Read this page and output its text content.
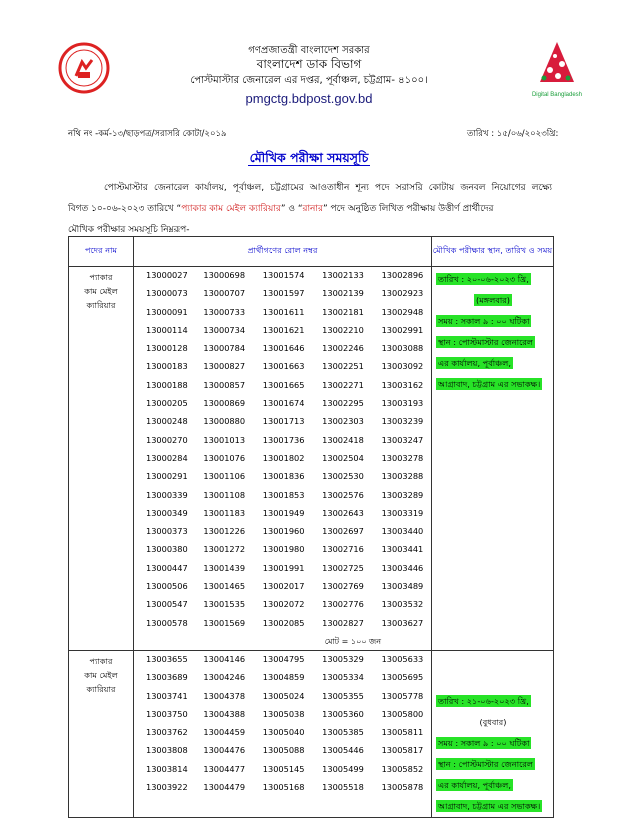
Digital Bangladesh
গণপ্রজাতন্ত্রী বাংলাদেশ সরকার
বাংলাদেশ ডাক বিভাগ
পোস্টমাস্টার জেনারেল এর দপ্তর, পূর্বাঞ্চল, চট্টগ্রাম- ৪১০০।
pmgctg.bdpost.gov.bd
নথি নং -কর্ম-১৩/ছাড়পত্র/সরাসরি কোটা/২০১৯	তারিখ : ১৫/০৬/২০২৩খ্রি:
মৌখিক পরীক্ষা সময়সূচি
পোস্টমাস্টার জেনারেল কার্যালয়, পূর্বাঞ্চল, চট্টগ্রামের আওতাধীন শূন্য পদে সরাসরি কোটায় জনবল নিয়োগের লক্ষ্যে
বিগত ১০-০৬-২০২৩ তারিখে “প্যাকার কাম মেইল ক্যারিয়ার” ও “রানার” পদে অনুষ্ঠিত লিখিত পরীক্ষায় উত্তীর্ণ প্রার্থীদের
মৌখিক পরীক্ষার সময়সূচি নিম্নরূপ-
পদের নাম	প্রার্থীগণের রোল নম্বর	মৌখিক পরীক্ষার স্থান, তারিখ ও সময়

প্যাকার
কাম মেইল
ক্যারিয়ার

13000027	13000698	13001574	13002133	13002896
13000073	13000707	13001597	13002139	13002923
13000091	13000733	13001611	13002181	13002948
13000114	13000734	13001621	13002210	13002991
13000128	13000784	13001646	13002246	13003088
13000183	13000827	13001663	13002251	13003092
13000188	13000857	13001665	13002271	13003162
13000205	13000869	13001674	13002295	13003193
13000248	13000880	13001713	13002303	13003239
13000270	13001013	13001736	13002418	13003247
13000284	13001076	13001802	13002504	13003278
13000291	13001106	13001836	13002530	13003288
13000339	13001108	13001853	13002576	13003289
13000349	13001183	13001949	13002643	13003319
13000373	13001226	13001960	13002697	13003440
13000380	13001272	13001980	13002716	13003441
13000447	13001439	13001991	13002725	13003446
13000506	13001465	13002017	13002769	13003489
13000547	13001535	13002072	13002776	13003532
13000578	13001569	13002085	13002827	13003627
মোট = ১০০ জন

তারিখ : ২০-০৬-২০২৩ খ্রি,
(মঙ্গলবার)
সময় : সকাল ৯ : ০০ ঘটিকা
স্থান : পোস্টমাস্টার জেনারেল
এর কার্যালয়, পূর্বাঞ্চল,
আগ্রাবাদ, চট্টগ্রাম এর সভাকক্ষ।

প্যাকার
কাম মেইল
ক্যারিয়ার

13003655	13004146	13004795	13005329	13005633
13003689	13004246	13004859	13005334	13005695
13003741	13004378	13005024	13005355	13005778
13003750	13004388	13005038	13005360	13005800
13003762	13004459	13005040	13005385	13005811
13003808	13004476	13005088	13005446	13005817
13003814	13004477	13005145	13005499	13005852
13003922	13004479	13005168	13005518	13005878

তারিখ : ২১-০৬-২০২৩ খ্রি,
(বুধবার)
সময় : সকাল ৯ : ০০ ঘটিকা
স্থান : পোস্টমাস্টার জেনারেল
এর কার্যালয়, পূর্বাঞ্চল,
আগ্রাবাদ, চট্টগ্রাম এর সভাকক্ষ।
